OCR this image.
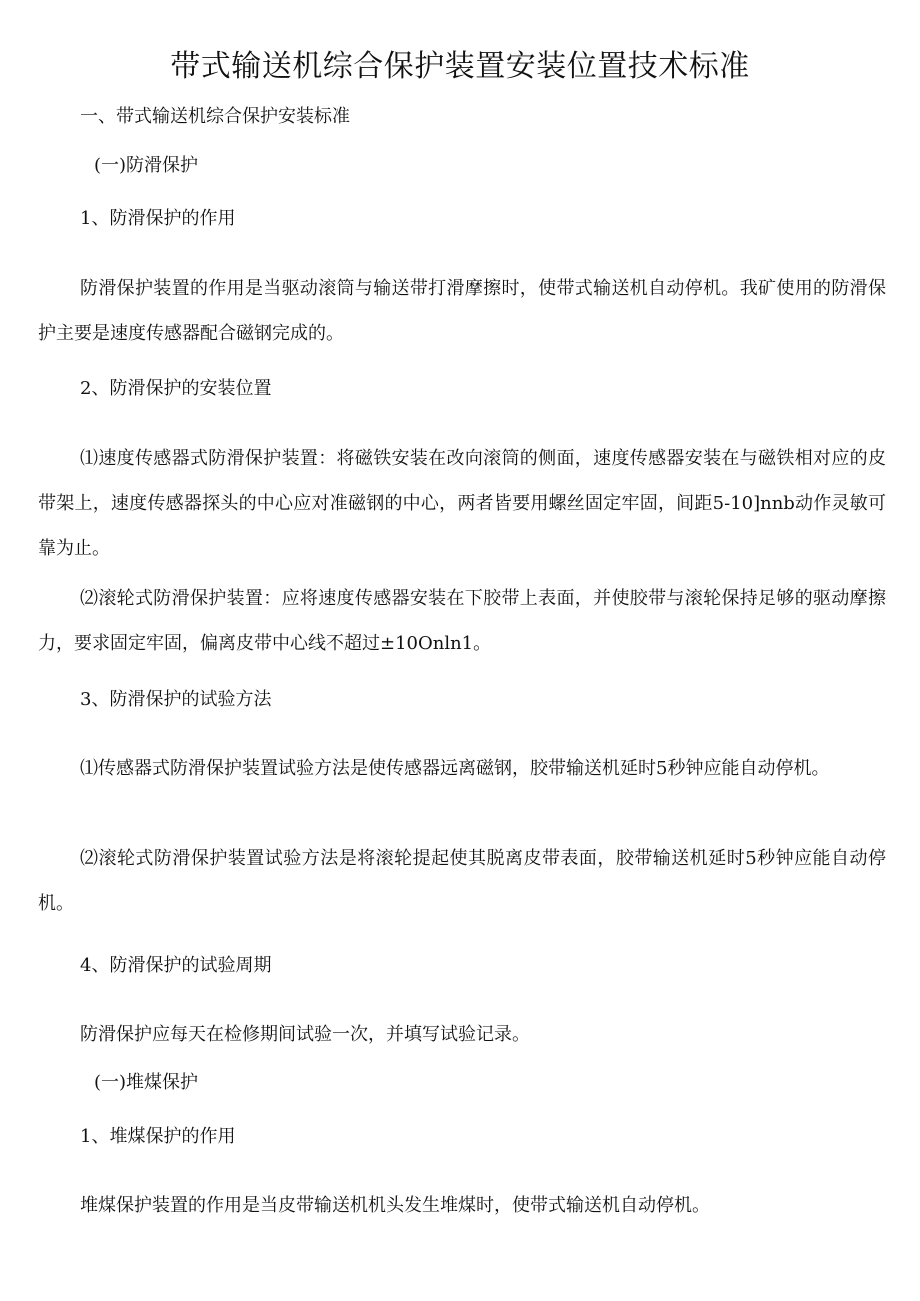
带式输送机综合保护装置安装位置技术标准
一、带式输送机综合保护安装标准
(一)防滑保护
1、防滑保护的作用
防滑保护装置的作用是当驱动滚筒与输送带打滑摩擦时，使带式输送机自动停机。我矿使用的防滑保护主要是速度传感器配合磁钢完成的。
2、防滑保护的安装位置
⑴速度传感器式防滑保护装置：将磁铁安装在改向滚筒的侧面，速度传感器安装在与磁铁相对应的皮带架上，速度传感器探头的中心应对准磁钢的中心，两者皆要用螺丝固定牢固，间距5-10]nnb动作灵敏可靠为止。
⑵滚轮式防滑保护装置：应将速度传感器安装在下胶带上表面，并使胶带与滚轮保持足够的驱动摩擦力，要求固定牢固，偏离皮带中心线不超过±10Onln1。
3、防滑保护的试验方法
⑴传感器式防滑保护装置试验方法是使传感器远离磁钢，胶带输送机延时5秒钟应能自动停机。
⑵滚轮式防滑保护装置试验方法是将滚轮提起使其脱离皮带表面，胶带输送机延时5秒钟应能自动停机。
4、防滑保护的试验周期
防滑保护应每天在检修期间试验一次，并填写试验记录。
(一)堆煤保护
1、堆煤保护的作用
堆煤保护装置的作用是当皮带输送机机头发生堆煤时，使带式输送机自动停机。
